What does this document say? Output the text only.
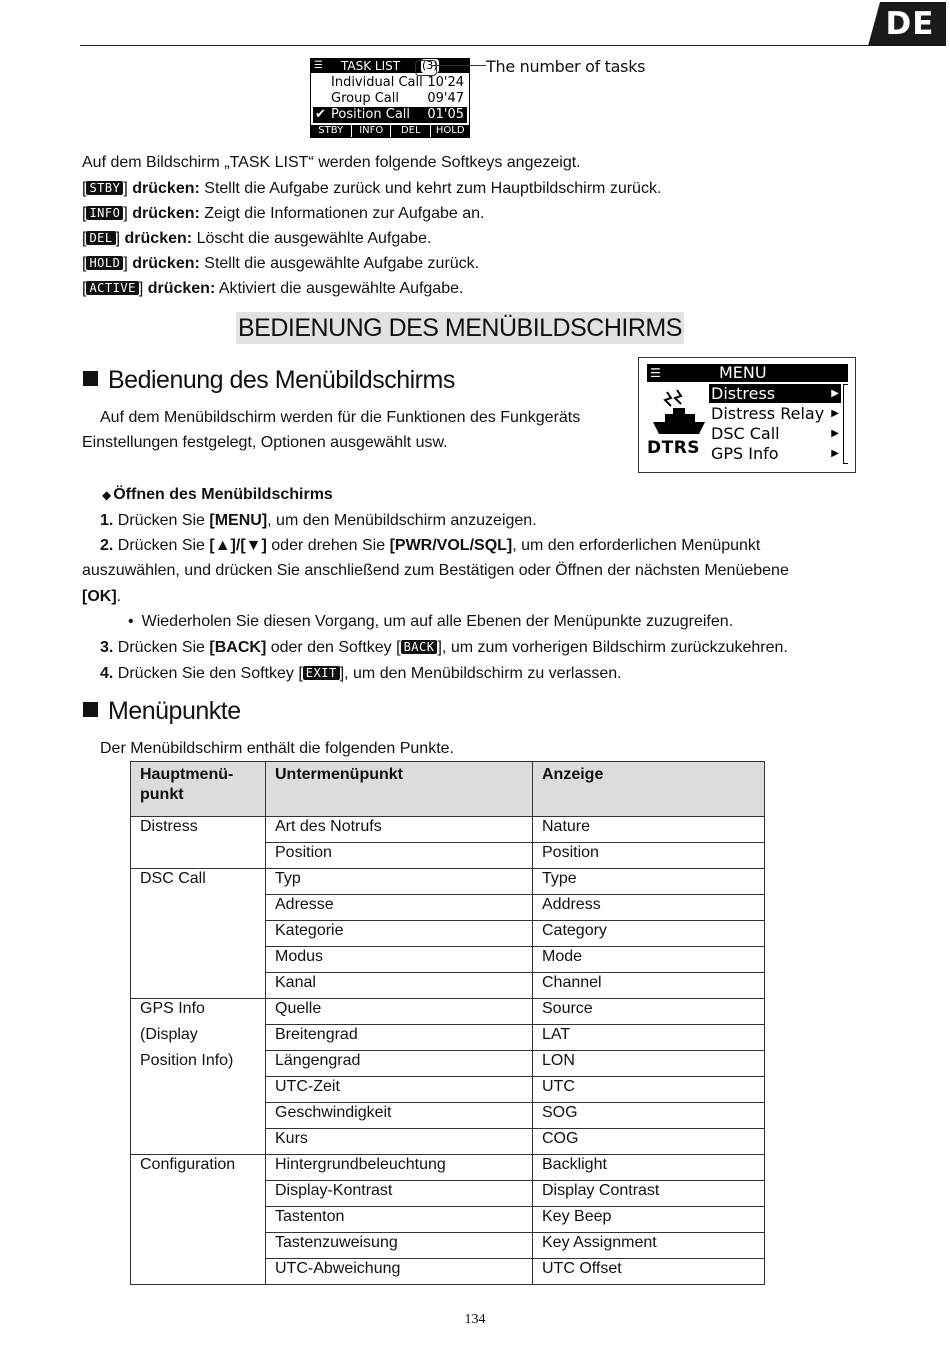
DE
☰ TASK LIST (3)
Individual Call 10'24
Group Call 09'47
✔ Position Call 01'05
STBY	INFO	DEL	HOLD
The number of tasks
Auf dem Bildschirm „TASK LIST“ werden folgende Softkeys angezeigt.
[ STBY ] drücken: Stellt die Aufgabe zurück und kehrt zum Hauptbildschirm zurück.
[ INFO ] drücken: Zeigt die Informationen zur Aufgabe an.
[ DEL ] drücken: Löscht die ausgewählte Aufgabe.
[ HOLD ] drücken: Stellt die ausgewählte Aufgabe zurück.
[ ACTIVE ] drücken: Aktiviert die ausgewählte Aufgabe.
BEDIENUNG DES MENÜBILDSCHIRMS
Bedienung des Menübildschirms
Auf dem Menübildschirm werden für die Funktionen des Funkgeräts
Einstellungen festgelegt, Optionen ausgewählt usw.
☰	MENU
DTRS
Distress	▶
Distress Relay ▶
DSC Call	▶
GPS Info	▶
◆ Öffnen des Menübildschirms
1. Drücken Sie [MENU], um den Menübildschirm anzuzeigen.
2. Drücken Sie [▲]/[▼] oder drehen Sie [PWR/VOL/SQL], um den erforderlichen Menüpunkt
auszuwählen, und drücken Sie anschließend zum Bestätigen oder Öffnen der nächsten Menüebene
[OK].
• Wiederholen Sie diesen Vorgang, um auf alle Ebenen der Menüpunkte zuzugreifen.
3. Drücken Sie [BACK] oder den Softkey [ BACK ], um zum vorherigen Bildschirm zurückzukehren.
4. Drücken Sie den Softkey [ EXIT ], um den Menübildschirm zu verlassen.
Menüpunkte
Der Menübildschirm enthält die folgenden Punkte.
Hauptmenü-
punkt	Untermenüpunkt	Anzeige
Distress	Art des Notrufs	Nature
	Position	Position
DSC Call	Typ	Type
	Adresse	Address
	Kategorie	Category
	Modus	Mode
	Kanal	Channel
GPS Info	Quelle	Source
(Display	Breitengrad	LAT
Position Info)	Längengrad	LON
	UTC-Zeit	UTC
	Geschwindigkeit	SOG
	Kurs	COG
Configuration	Hintergrundbeleuchtung	Backlight
	Display-Kontrast	Display Contrast
	Tastenton	Key Beep
	Tastenzuweisung	Key Assignment
	UTC-Abweichung	UTC Offset
134
